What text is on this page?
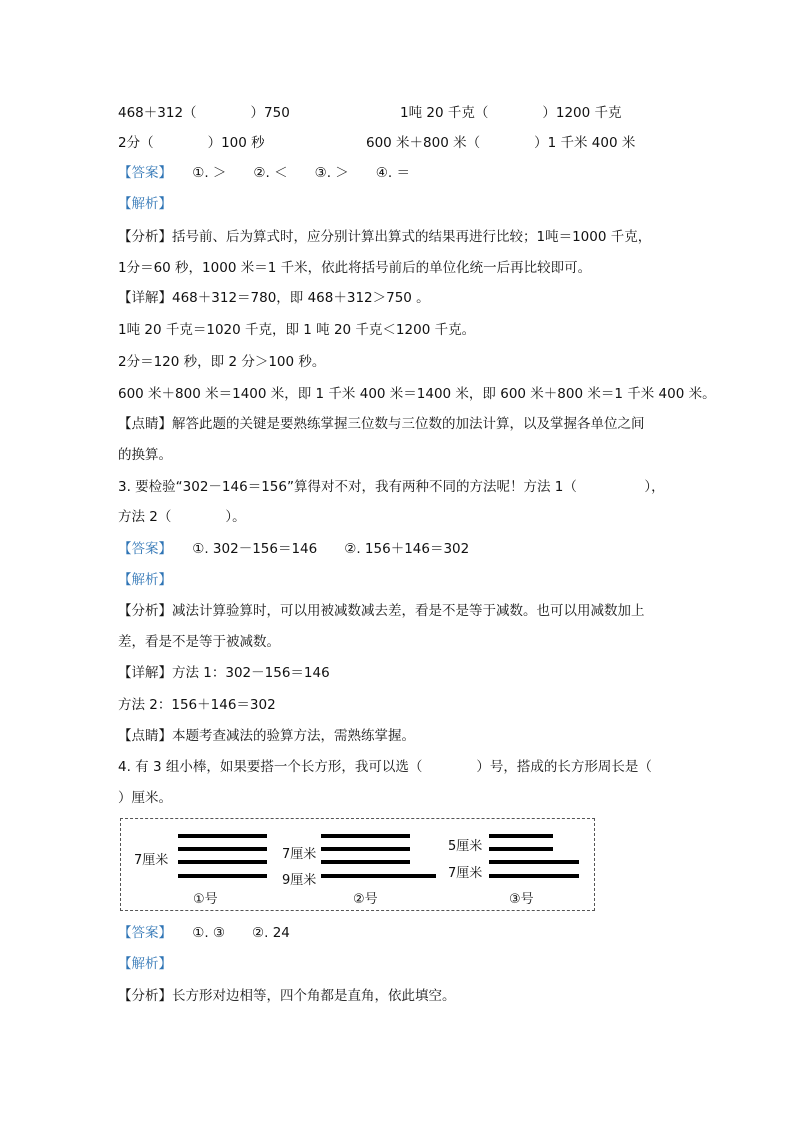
468＋312（　　　　）750	1吨 20 千克（　　　　）1200 千克
2分（　　　　）100 秒	600 米＋800 米（　　　　）1 千米 400 米
【答案】　　①. ＞　　②. ＜　　③. ＞　　④. ＝
【解析】
【分析】括号前、后为算式时，应分别计算出算式的结果再进行比较；1吨＝1000 千克，
1分＝60 秒，1000 米＝1 千米，依此将括号前后的单位化统一后再比较即可。
【详解】468＋312＝780，即 468＋312＞750 。
1吨 20 千克＝1020 千克，即 1 吨 20 千克＜1200 千克。
2分＝120 秒，即 2 分＞100 秒。
600 米＋800 米＝1400 米，即 1 千米 400 米＝1400 米，即 600 米＋800 米＝1 千米 400 米。
【点睛】解答此题的关键是要熟练掌握三位数与三位数的加法计算，以及掌握各单位之间
的换算。
3. 要检验“302－146＝156”算得对不对，我有两种不同的方法呢！方法 1（　　　　　），
方法 2（　　　　）。
【答案】　　①. 302－156＝146　　②. 156＋146＝302
【解析】
【分析】减法计算验算时，可以用被减数减去差，看是不是等于减数。也可以用减数加上
差，看是不是等于被减数。
【详解】方法 1：302－156＝146
方法 2：156＋146＝302
【点睛】本题考查减法的验算方法，需熟练掌握。
4. 有 3 组小棒，如果要搭一个长方形，我可以选（　　　　）号，搭成的长方形周长是（
）厘米。
7厘米
①号
7厘米
9厘米
②号
5厘米
7厘米
③号
【答案】　　①. ③　　②. 24
【解析】
【分析】长方形对边相等，四个角都是直角，依此填空。
